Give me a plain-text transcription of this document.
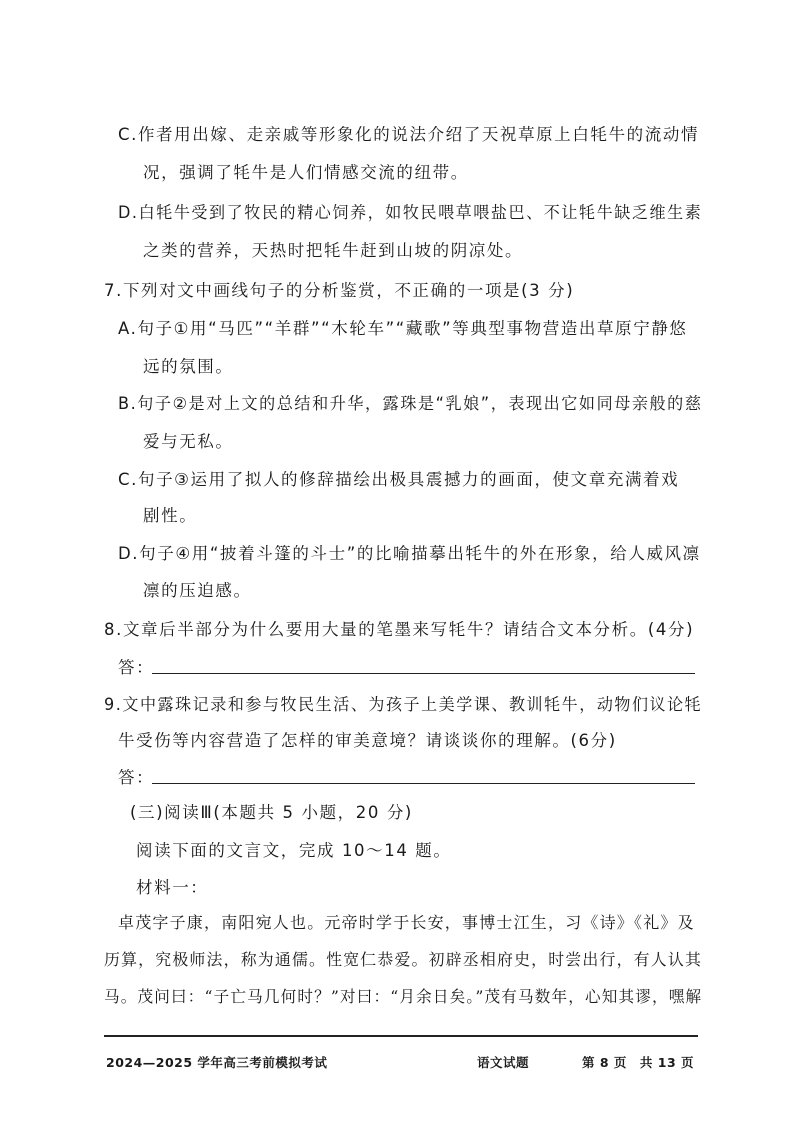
C.作者用出嫁、走亲戚等形象化的说法介绍了天祝草原上白牦牛的流动情
况，强调了牦牛是人们情感交流的纽带。
D.白牦牛受到了牧民的精心饲养，如牧民喂草喂盐巴、不让牦牛缺乏维生素
之类的营养，天热时把牦牛赶到山坡的阴凉处。
7.下列对文中画线句子的分析鉴赏，不正确的一项是(3 分)
A.句子①用“马匹”“羊群”“木轮车”“藏歌”等典型事物营造出草原宁静悠
远的氛围。
B.句子②是对上文的总结和升华，露珠是“乳娘”，表现出它如同母亲般的慈
爱与无私。
C.句子③运用了拟人的修辞描绘出极具震撼力的画面，使文章充满着戏
剧性。
D.句子④用“披着斗篷的斗士”的比喻描摹出牦牛的外在形象，给人威风凛
凛的压迫感。
8.文章后半部分为什么要用大量的笔墨来写牦牛？请结合文本分析。(4分)
答：
9.文中露珠记录和参与牧民生活、为孩子上美学课、教训牦牛，动物们议论牦
牛受伤等内容营造了怎样的审美意境？请谈谈你的理解。(6分)
答：
(三)阅读Ⅲ(本题共 5 小题，20 分)
阅读下面的文言文，完成 10～14 题。
材料一：
卓茂字子康，南阳宛人也。元帝时学于长安，事博士江生，习《诗》《礼》及
历算，究极师法，称为通儒。性宽仁恭爱。初辟丞相府史，时尝出行，有人认其
马。茂问曰：“子亡马几何时？”对曰：“月余日矣。”茂有马数年，心知其谬，嘿解
2024—2025 学年高三考前模拟考试	语文试题	第 8 页　共 13 页
